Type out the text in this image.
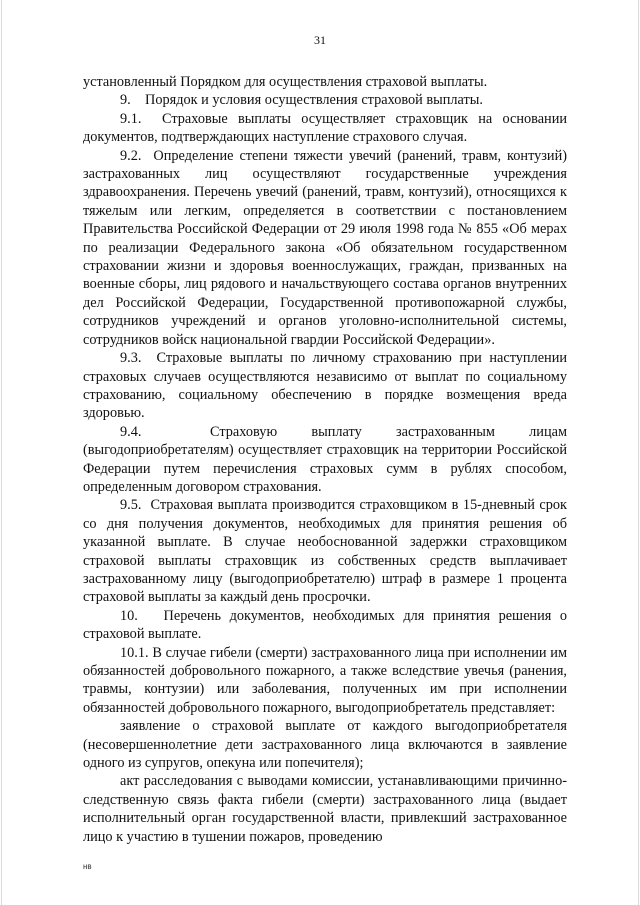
31

установленный Порядком для осуществления страховой выплаты.

9.    Порядок и условия осуществления страховой выплаты.

9.1.  Страховые выплаты осуществляет страховщик на основании документов, подтверждающих наступление страхового случая.

9.2.  Определение степени тяжести увечий (ранений, травм, контузий) застрахованных лиц осуществляют государственные учреждения здравоохранения. Перечень увечий (ранений, травм, контузий), относящихся к тяжелым или легким, определяется в соответствии с постановлением Правительства Российской Федерации от 29 июля 1998 года № 855 «Об мерах по реализации Федерального закона «Об обязательном государственном страховании жизни и здоровья военнослужащих, граждан, призванных на военные сборы, лиц рядового и начальствующего состава органов внутренних дел Российской Федерации, Государственной противопожарной службы, сотрудников учреждений и органов уголовно-исполнительной системы, сотрудников войск национальной гвардии Российской Федерации».

9.3.  Страховые выплаты по личному страхованию при наступлении страховых случаев осуществляются независимо от выплат по социальному страхованию, социальному обеспечению в порядке возмещения вреда здоровью.

9.4.  Страховую выплату застрахованным лицам (выгодоприобретателям) осуществляет страховщик на территории Российской Федерации путем перечисления страховых сумм в рублях способом, определенным договором страхования.

9.5.  Страховая выплата производится страховщиком в 15-дневный срок со дня получения документов, необходимых для принятия решения об указанной выплате. В случае необоснованной задержки страховщиком страховой выплаты страховщик из собственных средств выплачивает застрахованному лицу (выгодоприобретателю) штраф в размере 1 процента страховой выплаты за каждый день просрочки.

10.   Перечень документов, необходимых для принятия решения о страховой выплате.

10.1. В случае гибели (смерти) застрахованного лица при исполнении им обязанностей добровольного пожарного, а также вследствие увечья (ранения, травмы, контузии) или заболевания, полученных им при исполнении обязанностей добровольного пожарного, выгодоприобретатель представляет:

заявление о страховой выплате от каждого выгодоприобретателя (несовершеннолетние дети застрахованного лица включаются в заявление одного из супругов, опекуна или попечителя);

акт расследования с выводами комиссии, устанавливающими причинно-следственную связь факта гибели (смерти) застрахованного лица (выдает исполнительный орган государственной власти, привлекший застрахованное лицо к участию в тушении пожаров, проведению

нв
